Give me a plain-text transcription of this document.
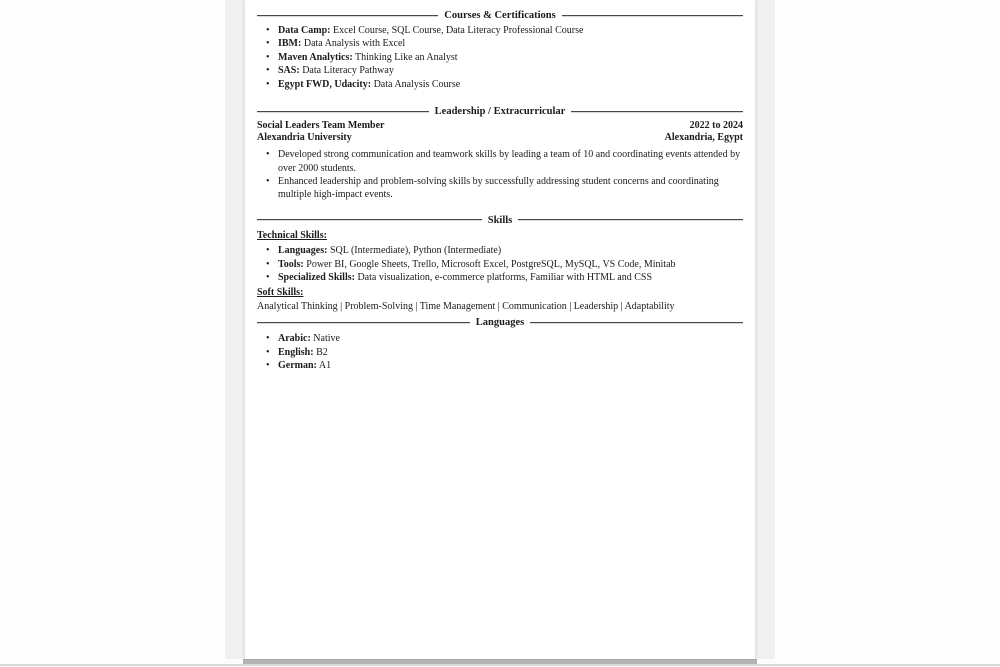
Courses & Certifications
• Data Camp: Excel Course, SQL Course, Data Literacy Professional Course
• IBM: Data Analysis with Excel
• Maven Analytics: Thinking Like an Analyst
• SAS: Data Literacy Pathway
• Egypt FWD, Udacity: Data Analysis Course
Leadership / Extracurricular
Social Leaders Team Member	2022 to 2024
Alexandria University	Alexandria, Egypt
• Developed strong communication and teamwork skills by leading a team of 10 and coordinating events attended by over 2000 students.
• Enhanced leadership and problem-solving skills by successfully addressing student concerns and coordinating multiple high-impact events.
Skills
Technical Skills:
• Languages: SQL (Intermediate), Python (Intermediate)
• Tools: Power BI, Google Sheets, Trello, Microsoft Excel, PostgreSQL, MySQL, VS Code, Minitab
• Specialized Skills: Data visualization, e-commerce platforms, Familiar with HTML and CSS
Soft Skills:
Analytical Thinking | Problem-Solving | Time Management | Communication | Leadership | Adaptability
Languages
• Arabic: Native
• English: B2
• German: A1
